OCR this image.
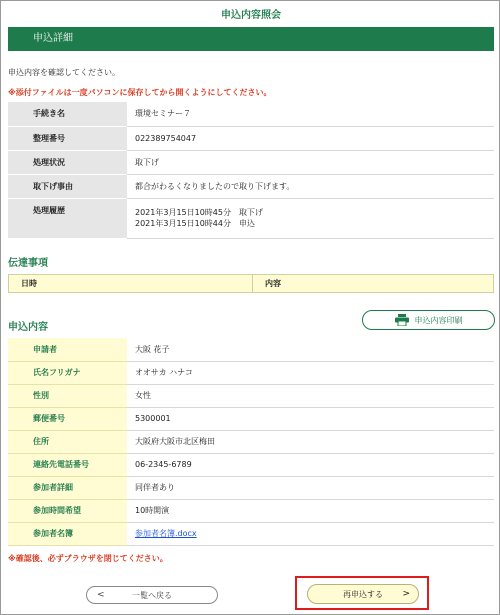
申込内容照会
申込詳細
申込内容を確認してください。
※添付ファイルは一度パソコンに保存してから開くようにしてください。
手続き名	環境セミナー７
整理番号	022389754047
処理状況	取下げ
取下げ事由	都合がわるくなりましたので取り下げます。
処理履歴	2021年3月15日10時45分　取下げ
2021年3月15日10時44分　申込
伝達事項
日時	内容
申込内容
申込内容印刷
申請者	大阪 花子
氏名フリガナ	オオサカ ハナコ
性別	女性
郵便番号	5300001
住所	大阪府大阪市北区梅田
連絡先電話番号	06-2345-6789
参加者詳細	同伴者あり
参加時間希望	10時開演
参加者名簿	参加者名簿.docx
※確認後、必ずブラウザを閉じてください。
<	一覧へ戻る	再申込する	>
